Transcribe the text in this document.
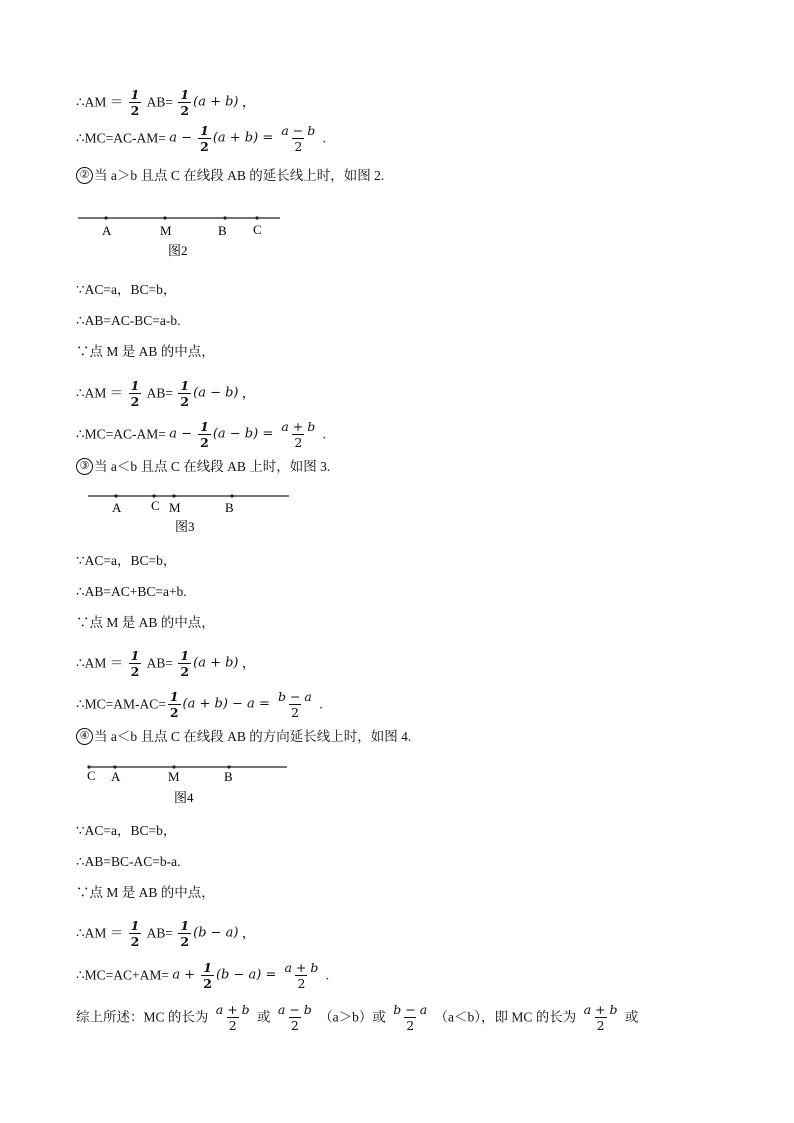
∴AM ＝ $\frac{1}{2} AB= \frac{1}{2} (a + b)$ ，
∴MC=AC-AM= $a - \frac{1}{2} (a + b) = \frac{a - b}{2}$ .
② 当 a＞b 且点 C 在线段 AB 的延长线上时，如图 2.
A	M	B C
图2
∵AC=a，BC=b，
∴AB=AC-BC=a-b.
∵点 M 是 AB 的中点，
∴AM ＝ $\frac{1}{2} AB= \frac{1}{2} (a - b)$ ，
∴MC=AC-AM= $a - \frac{1}{2} (a - b) = \frac{a + b}{2}$ .
③ 当 a＜b 且点 C 在线段 AB 上时，如图 3.
A C M	B
图3
∵AC=a，BC=b，
∴AB=AC+BC=a+b.
∵点 M 是 AB 的中点，
∴AM ＝ $\frac{1}{2} AB= \frac{1}{2} (a + b)$ ，
∴MC=AM-AC= $\frac{1}{2} (a + b) - a = \frac{b - a}{2}$ .
④ 当 a＜b 且点 C 在线段 AB 的方向延长线上时，如图 4.
C A	M	B
图4
∵AC=a，BC=b，
∴AB=BC-AC=b-a.
∵点 M 是 AB 的中点，
∴AM ＝ $\frac{1}{2} AB= \frac{1}{2} (b - a)$ ，
∴MC=AC+AM= $a + \frac{1}{2} (b - a) = \frac{a + b}{2}$ .
综上所述：MC 的长为 $\frac{a + b}{2}$ 或 $\frac{a - b}{2} (a>b)$或 $\frac{b - a}{2} (a<b)$，即 MC 的长为 $\frac{a + b}{2}$ 或
